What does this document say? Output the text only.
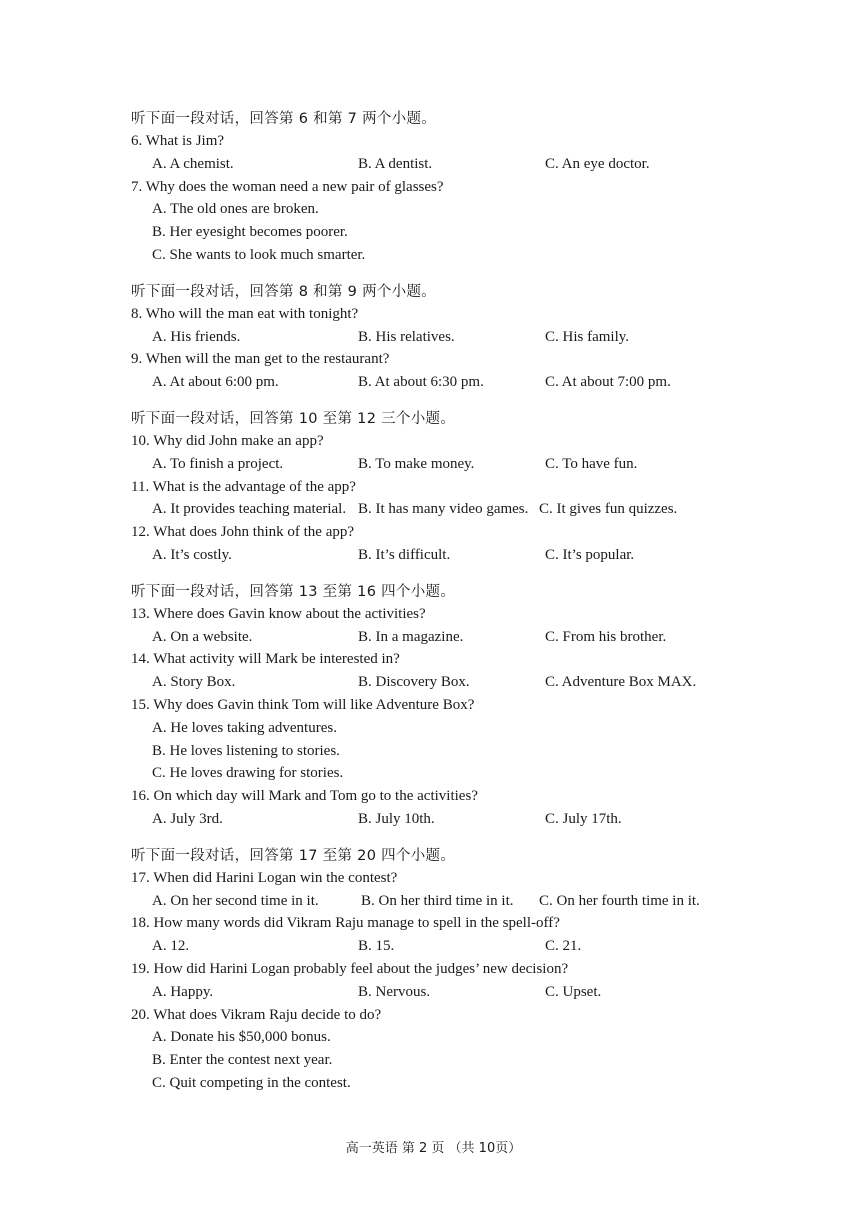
听下面一段对话，回答第 6 和第 7 两个小题。
6. What is Jim?
A. A chemist.	B. A dentist.	C. An eye doctor.
7. Why does the woman need a new pair of glasses?
A. The old ones are broken.
B. Her eyesight becomes poorer.
C. She wants to look much smarter.
听下面一段对话，回答第 8 和第 9 两个小题。
8. Who will the man eat with tonight?
A. His friends.	B. His relatives.	C. His family.
9. When will the man get to the restaurant?
A. At about 6:00 pm.	B. At about 6:30 pm.	C. At about 7:00 pm.
听下面一段对话，回答第 10 至第 12 三个小题。
10. Why did John make an app?
A. To finish a project.	B. To make money.	C. To have fun.
11. What is the advantage of the app?
A. It provides teaching material. B. It has many video games. C. It gives fun quizzes.
12. What does John think of the app?
A. It’s costly.	B. It’s difficult.	C. It’s popular.
听下面一段对话，回答第 13 至第 16 四个小题。
13. Where does Gavin know about the activities?
A. On a website.	B. In a magazine.	C. From his brother.
14. What activity will Mark be interested in?
A. Story Box.	B. Discovery Box.	C. Adventure Box MAX.
15. Why does Gavin think Tom will like Adventure Box?
A. He loves taking adventures.
B. He loves listening to stories.
C. He loves drawing for stories.
16. On which day will Mark and Tom go to the activities?
A. July 3rd.	B. July 10th.	C. July 17th.
听下面一段对话，回答第 17 至第 20 四个小题。
17. When did Harini Logan win the contest?
A. On her second time in it.	B. On her third time in it. C. On her fourth time in it.
18. How many words did Vikram Raju manage to spell in the spell-off?
A. 12.	B. 15.	C. 21.
19. How did Harini Logan probably feel about the judges’ new decision?
A. Happy.	B. Nervous.	C. Upset.
20. What does Vikram Raju decide to do?
A. Donate his $50,000 bonus.
B. Enter the contest next year.
C. Quit competing in the contest.
高一英语 第 2 页 （共 10页）
